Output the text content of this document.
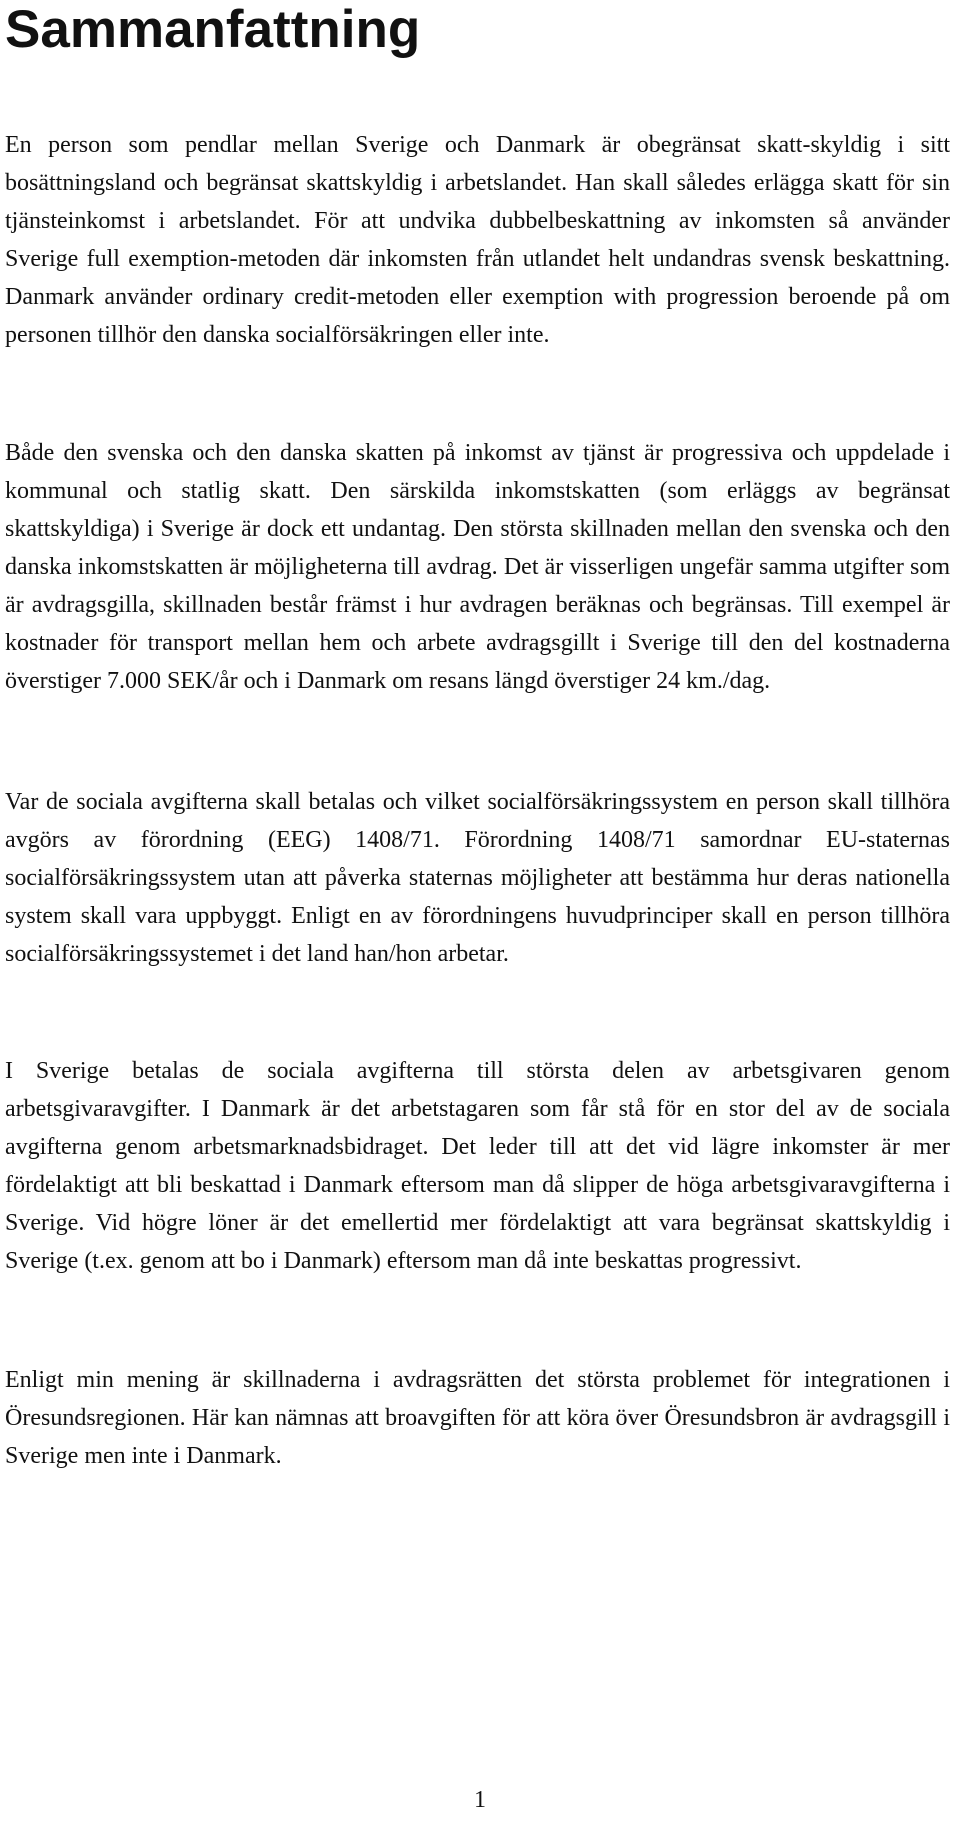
Sammanfattning

En person som pendlar mellan Sverige och Danmark är obegränsat skatt-skyldig i sitt bosättningsland och begränsat skattskyldig i arbetslandet. Han skall således erlägga skatt för sin tjänsteinkomst i arbetslandet. För att undvika dubbelbeskattning av inkomsten så använder Sverige full exemption-metoden där inkomsten från utlandet helt undandras svensk beskattning. Danmark använder ordinary credit-metoden eller exemption with progression beroende på om personen tillhör den danska socialförsäkringen eller inte.

Både den svenska och den danska skatten på inkomst av tjänst är progressiva och uppdelade i kommunal och statlig skatt. Den särskilda inkomstskatten (som erläggs av begränsat skattskyldiga) i Sverige är dock ett undantag. Den största skillnaden mellan den svenska och den danska inkomstskatten är möjligheterna till avdrag. Det är visserligen ungefär samma utgifter som är avdragsgilla, skillnaden består främst i hur avdragen beräknas och begränsas. Till exempel är kostnader för transport mellan hem och arbete avdragsgillt i Sverige till den del kostnaderna överstiger 7.000 SEK/år och i Danmark om resans längd överstiger 24 km./dag.

Var de sociala avgifterna skall betalas och vilket socialförsäkringssystem en person skall tillhöra avgörs av förordning (EEG) 1408/71. Förordning 1408/71 samordnar EU-staternas socialförsäkringssystem utan att påverka staternas möjligheter att bestämma hur deras nationella system skall vara uppbyggt. Enligt en av förordningens huvudprinciper skall en person tillhöra socialförsäkringssystemet i det land han/hon arbetar.

I Sverige betalas de sociala avgifterna till största delen av arbetsgivaren genom arbetsgivaravgifter. I Danmark är det arbetstagaren som får stå för en stor del av de sociala avgifterna genom arbetsmarknadsbidraget. Det leder till att det vid lägre inkomster är mer fördelaktigt att bli beskattad i Danmark eftersom man då slipper de höga arbetsgivaravgifterna i Sverige. Vid högre löner är det emellertid mer fördelaktigt att vara begränsat skattskyldig i Sverige (t.ex. genom att bo i Danmark) eftersom man då inte beskattas progressivt.

Enligt min mening är skillnaderna i avdragsrätten det största problemet för integrationen i Öresundsregionen. Här kan nämnas att broavgiften för att köra över Öresundsbron är avdragsgill i Sverige men inte i Danmark.

1
